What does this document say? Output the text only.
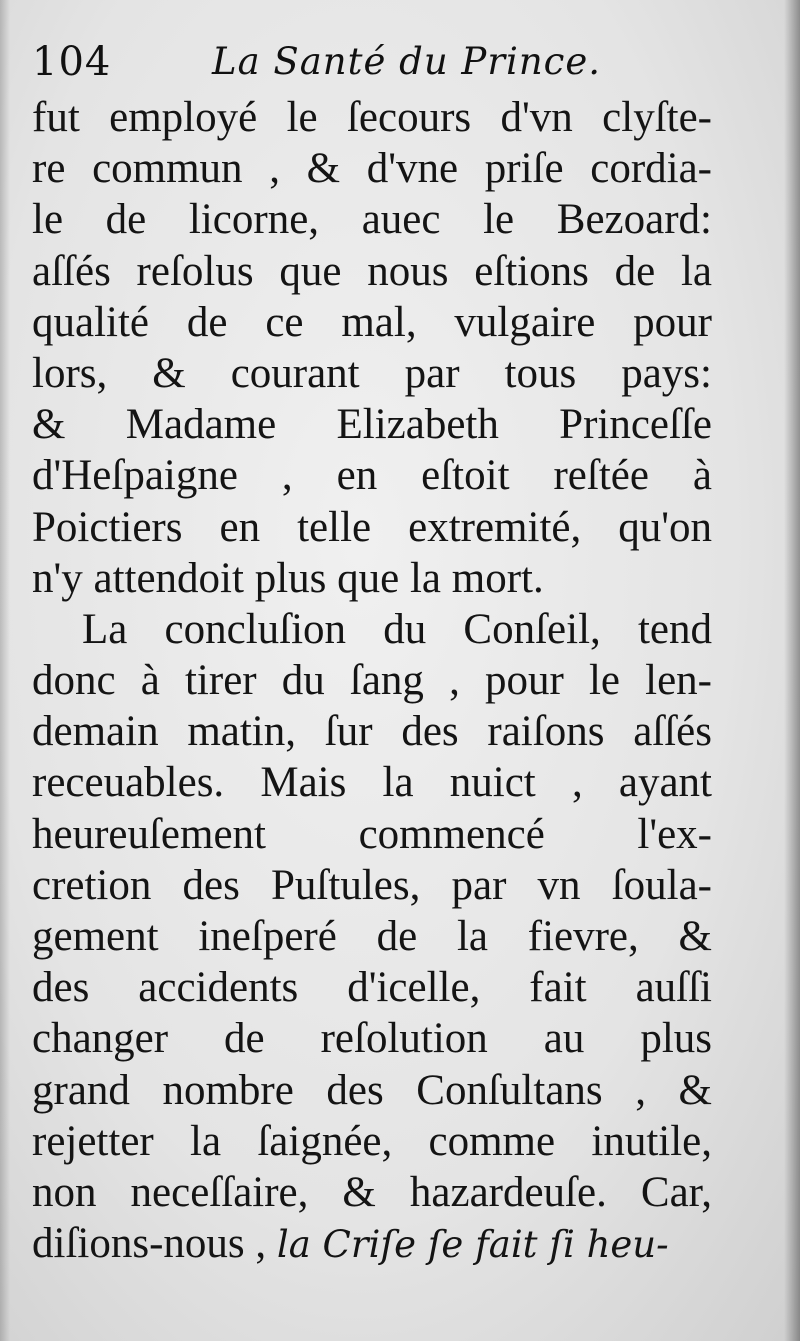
104	La Santé du Prince.
fut employé le ſecours d'vn clyſte-
re commun , & d'vne priſe cordia-
le de licorne, auec le Bezoard:
aſſés reſolus que nous eſtions de la
qualité de ce mal, vulgaire pour
lors, & courant par tous pays:
& Madame Elizabeth Princeſſe
d'Heſpaigne , en eſtoit reſtée à
Poictiers en telle extremité, qu'on
n'y attendoit plus que la mort.
La concluſion du Conſeil, tend
donc à tirer du ſang , pour le len-
demain matin, ſur des raiſons aſſés
receuables. Mais la nuict , ayant
heureuſement commencé l'ex-
cretion des Puſtules, par vn ſoula-
gement ineſperé de la fievre, &
des accidents d'icelle, fait auſſi
changer de reſolution au plus
grand nombre des Conſultans , &
rejetter la ſaignée, comme inutile,
non neceſſaire, & hazardeuſe. Car,
diſions-nous , la Criſe ſe fait ſi heu-
